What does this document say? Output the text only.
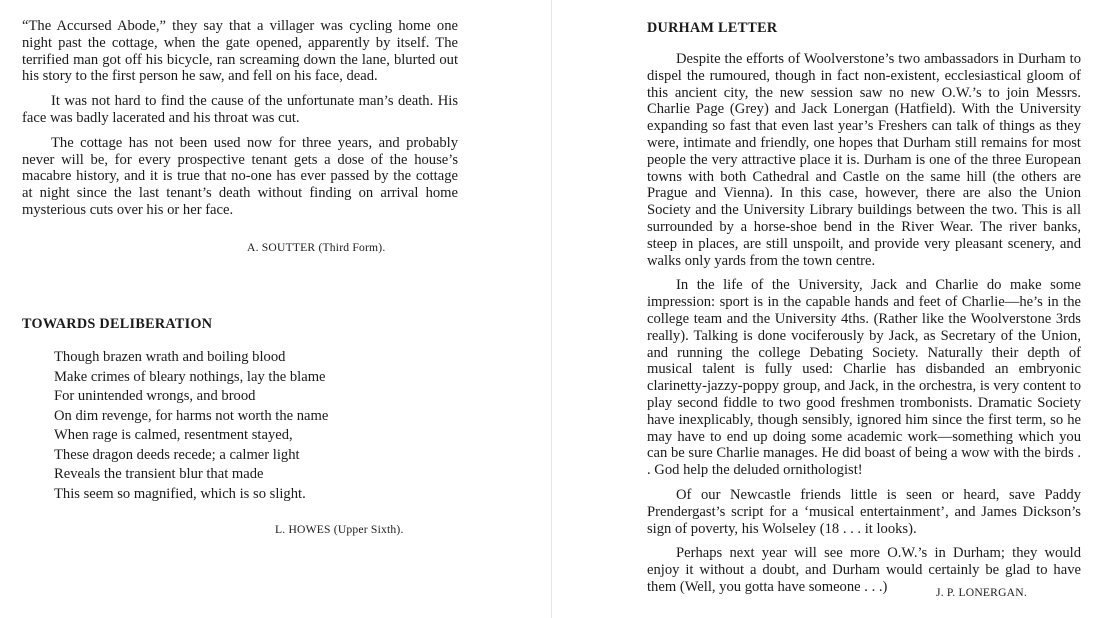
“The Accursed Abode,” they say that a villager was cycling home one night past the cottage, when the gate opened, apparently by itself. The terrified man got off his bicycle, ran screaming down the lane, blurted out his story to the first person he saw, and fell on his face, dead.

It was not hard to find the cause of the unfortunate man’s death. His face was badly lacerated and his throat was cut.

The cottage has not been used now for three years, and probably never will be, for every prospective tenant gets a dose of the house’s macabre history, and it is true that no-one has ever passed by the cottage at night since the last tenant’s death without finding on arrival home mysterious cuts over his or her face.

A. SOUTTER (Third Form).
TOWARDS DELIBERATION
Though brazen wrath and boiling blood
Make crimes of bleary nothings, lay the blame
For unintended wrongs, and brood
On dim revenge, for harms not worth the name
When rage is calmed, resentment stayed,
These dragon deeds recede; a calmer light
Reveals the transient blur that made
This seem so magnified, which is so slight.
L. HOWES (Upper Sixth).
DURHAM LETTER

Despite the efforts of Woolverstone’s two ambassadors in Durham to dispel the rumoured, though in fact non-existent, ecclesiastical gloom of this ancient city, the new session saw no new O.W.’s to join Messrs. Charlie Page (Grey) and Jack Lonergan (Hatfield). With the University expanding so fast that even last year’s Freshers can talk of things as they were, intimate and friendly, one hopes that Durham still remains for most people the very attractive place it is. Durham is one of the three European towns with both Cathedral and Castle on the same hill (the others are Prague and Vienna). In this case, however, there are also the Union Society and the University Library buildings between the two. This is all surrounded by a horse-shoe bend in the River Wear. The river banks, steep in places, are still unspoilt, and provide very pleasant scenery, and walks only yards from the town centre.

In the life of the University, Jack and Charlie do make some impression: sport is in the capable hands and feet of Charlie—he’s in the college team and the University 4ths. (Rather like the Woolverstone 3rds really). Talking is done vociferously by Jack, as Secretary of the Union, and running the college Debating Society. Naturally their depth of musical talent is fully used: Charlie has disbanded an embryonic clarinetty-jazzy-poppy group, and Jack, in the orchestra, is very content to play second fiddle to two good freshmen trombonists. Dramatic Society have inexplicably, though sensibly, ignored him since the first term, so he may have to end up doing some academic work—something which you can be sure Charlie manages. He did boast of being a wow with the birds . . God help the deluded ornithologist!

Of our Newcastle friends little is seen or heard, save Paddy Prendergast’s script for a ‘musical entertainment’, and James Dickson’s sign of poverty, his Wolseley (18 . . . it looks).

Perhaps next year will see more O.W.’s in Durham; they would enjoy it without a doubt, and Durham would certainly be glad to have them (Well, you gotta have someone . . .)	J. P. LONERGAN.
